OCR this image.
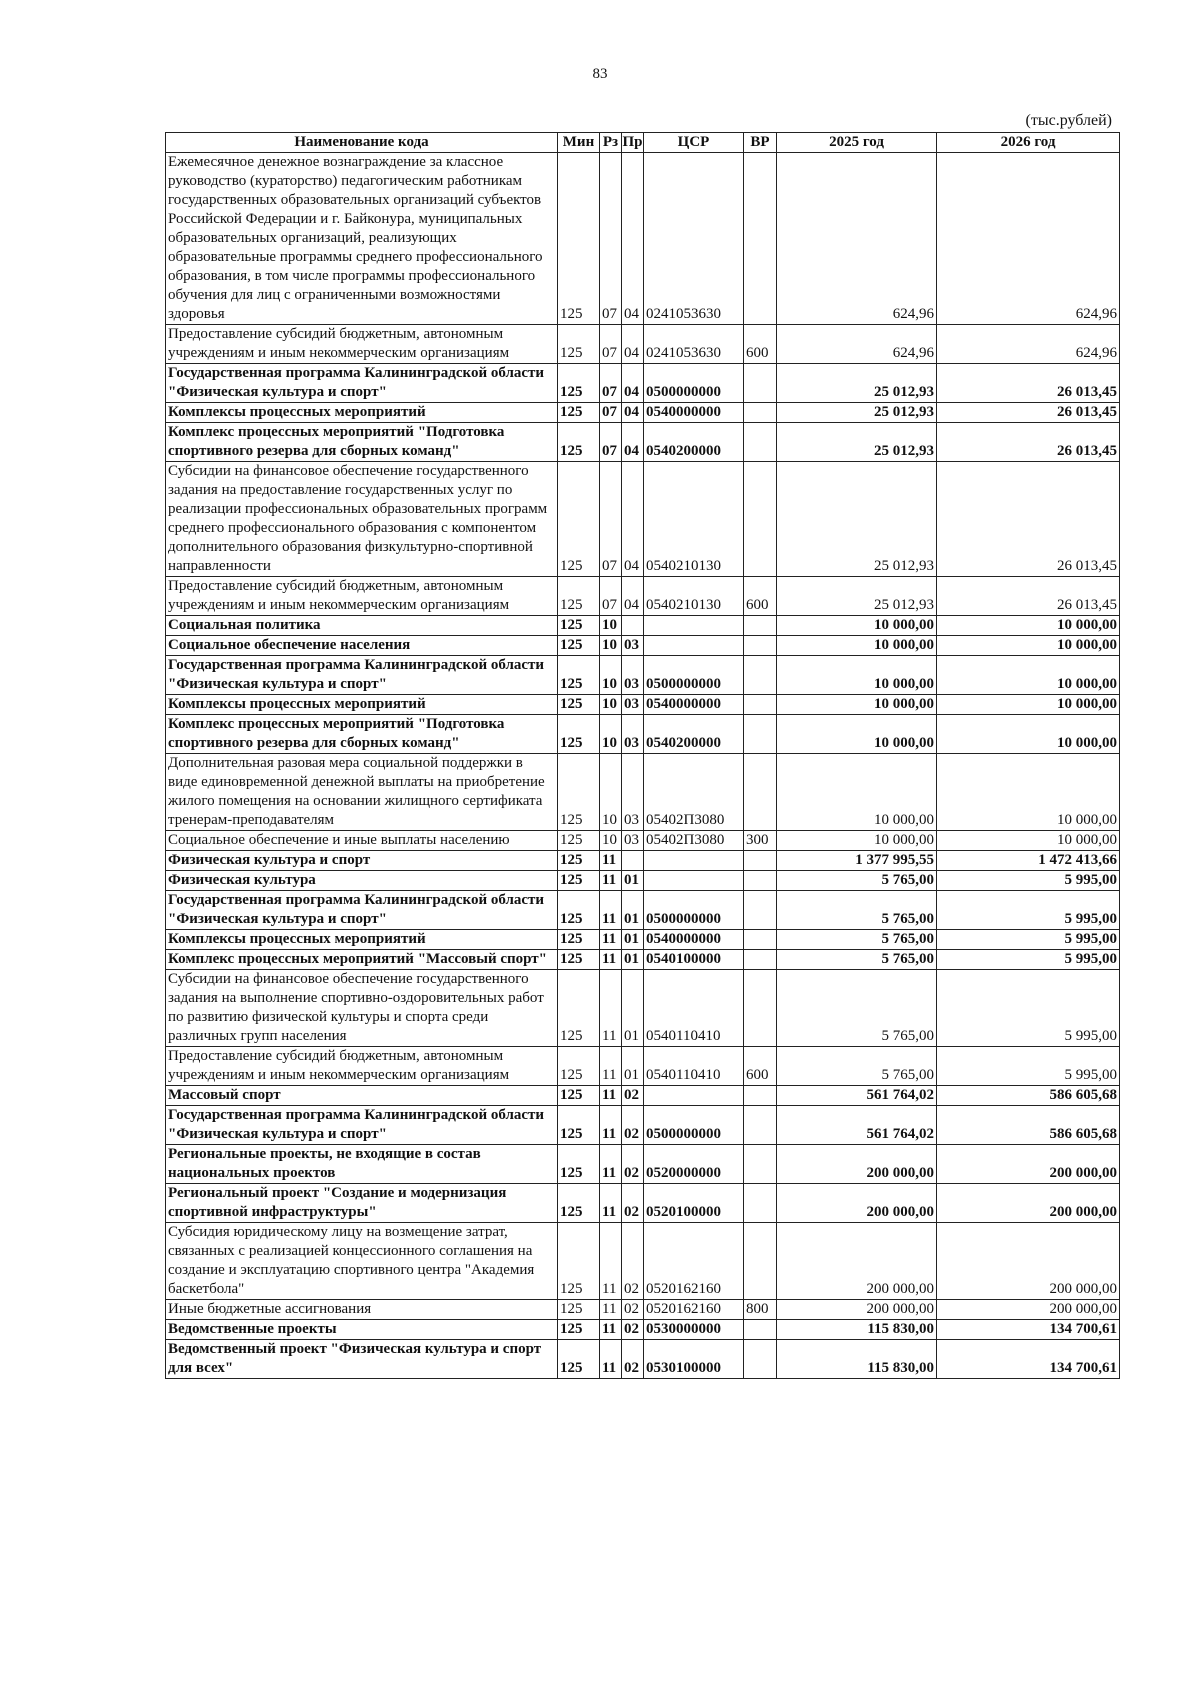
83
(тыс.рублей)
Наименование кода	Мин	Рз	Пр	ЦСР	ВР	2025 год	2026 год
Ежемесячное денежное вознаграждение за классное руководство (кураторство) педагогическим работникам государственных образовательных организаций субъектов Российской Федерации и г. Байконура, муниципальных образовательных организаций, реализующих образовательные программы среднего профессионального образования, в том числе программы профессионального обучения для лиц с ограниченными возможностями здоровья	125	07	04	0241053630		624,96	624,96
Предоставление субсидий бюджетным, автономным учреждениям и иным некоммерческим организациям	125	07	04	0241053630	600	624,96	624,96
Государственная программа Калининградской области "Физическая культура и спорт"	125	07	04	0500000000		25 012,93	26 013,45
Комплексы процессных мероприятий	125	07	04	0540000000		25 012,93	26 013,45
Комплекс процессных мероприятий "Подготовка спортивного резерва для сборных команд"	125	07	04	0540200000		25 012,93	26 013,45
Субсидии на финансовое обеспечение государственного задания на предоставление государственных услуг по реализации профессиональных образовательных программ среднего профессионального образования с компонентом дополнительного образования физкультурно-спортивной направленности	125	07	04	0540210130		25 012,93	26 013,45
Предоставление субсидий бюджетным, автономным учреждениям и иным некоммерческим организациям	125	07	04	0540210130	600	25 012,93	26 013,45
Социальная политика	125	10				10 000,00	10 000,00
Социальное обеспечение населения	125	10	03			10 000,00	10 000,00
Государственная программа Калининградской области "Физическая культура и спорт"	125	10	03	0500000000		10 000,00	10 000,00
Комплексы процессных мероприятий	125	10	03	0540000000		10 000,00	10 000,00
Комплекс процессных мероприятий "Подготовка спортивного резерва для сборных команд"	125	10	03	0540200000		10 000,00	10 000,00
Дополнительная разовая мера социальной поддержки в виде единовременной денежной выплаты на приобретение жилого помещения на основании жилищного сертификата тренерам-преподавателям	125	10	03	05402П3080		10 000,00	10 000,00
Социальное обеспечение и иные выплаты населению	125	10	03	05402П3080	300	10 000,00	10 000,00
Физическая культура и спорт	125	11				1 377 995,55	1 472 413,66
Физическая культура	125	11	01			5 765,00	5 995,00
Государственная программа Калининградской области "Физическая культура и спорт"	125	11	01	0500000000		5 765,00	5 995,00
Комплексы процессных мероприятий	125	11	01	0540000000		5 765,00	5 995,00
Комплекс процессных мероприятий "Массовый спорт"	125	11	01	0540100000		5 765,00	5 995,00
Субсидии на финансовое обеспечение государственного задания на выполнение спортивно-оздоровительных работ по развитию физической культуры и спорта среди различных групп населения	125	11	01	0540110410		5 765,00	5 995,00
Предоставление субсидий бюджетным, автономным учреждениям и иным некоммерческим организациям	125	11	01	0540110410	600	5 765,00	5 995,00
Массовый спорт	125	11	02			561 764,02	586 605,68
Государственная программа Калининградской области "Физическая культура и спорт"	125	11	02	0500000000		561 764,02	586 605,68
Региональные проекты, не входящие в состав национальных проектов	125	11	02	0520000000		200 000,00	200 000,00
Региональный проект "Создание и модернизация спортивной инфраструктуры"	125	11	02	0520100000		200 000,00	200 000,00
Субсидия юридическому лицу на возмещение затрат, связанных с реализацией концессионного соглашения на создание и эксплуатацию спортивного центра "Академия баскетбола"	125	11	02	0520162160		200 000,00	200 000,00
Иные бюджетные ассигнования	125	11	02	0520162160	800	200 000,00	200 000,00
Ведомственные проекты	125	11	02	0530000000		115 830,00	134 700,61
Ведомственный проект "Физическая культура и спорт для всех"	125	11	02	0530100000		115 830,00	134 700,61
